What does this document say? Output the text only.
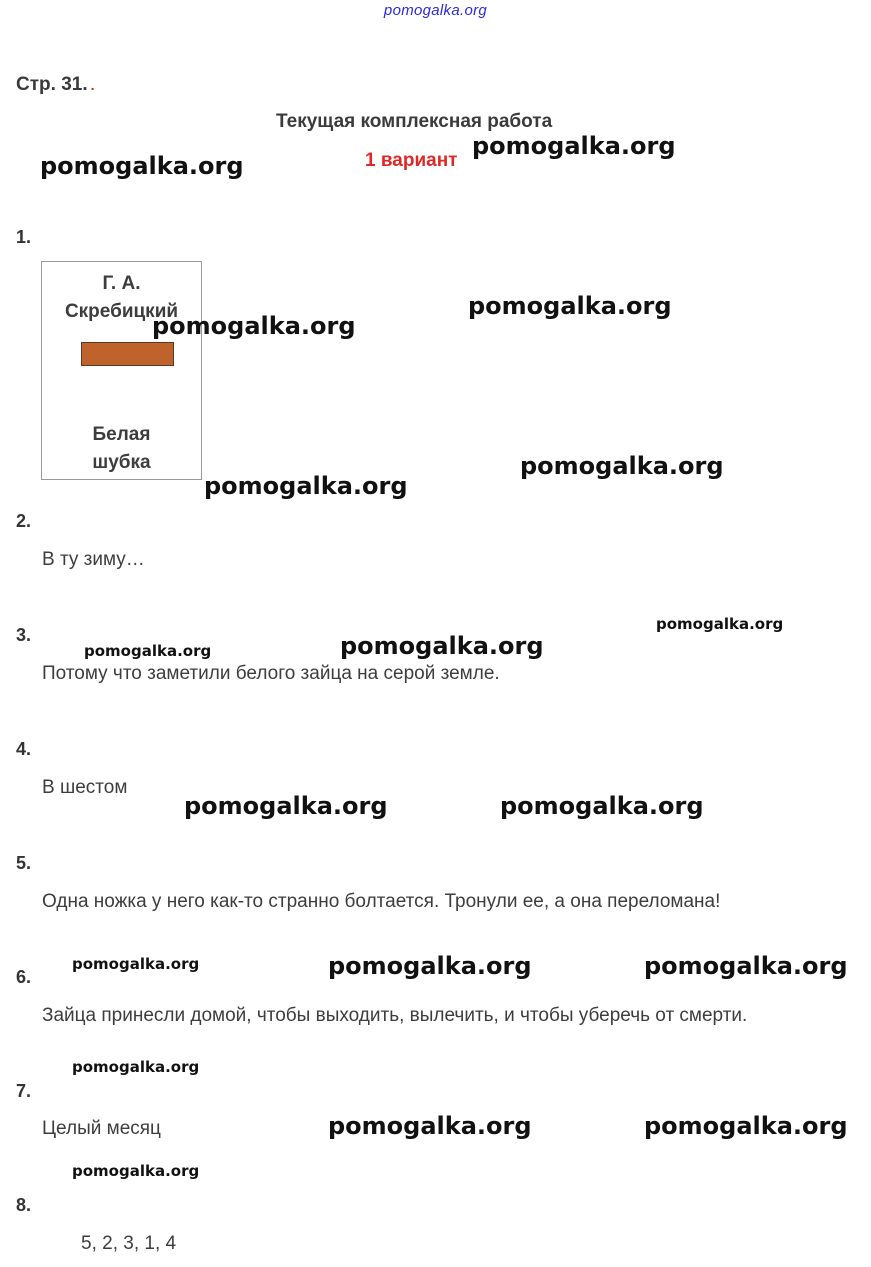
pomogalka.org
Стр. 31. .
Текущая комплексная работа
1 вариант
1.
Г. А.
Скребицкий
Белая
шубка
2.
В ту зиму…
3.
Потому что заметили белого зайца на серой земле.
4.
В шестом
5.
Одна ножка у него как-то странно болтается. Тронули ее, а она переломана!
6.
Зайца принесли домой, чтобы выходить, вылечить, и чтобы уберечь от смерти.
7.
Целый месяц
8.
5, 2, 3, 1, 4
pomogalka.org
pomogalka.org
pomogalka.org
pomogalka.org
pomogalka.org
pomogalka.org
pomogalka.org
pomogalka.org	pomogalka.org
pomogalka.org	pomogalka.org
pomogalka.org	pomogalka.org	pomogalka.org
pomogalka.org
pomogalka.org	pomogalka.org
pomogalka.org
